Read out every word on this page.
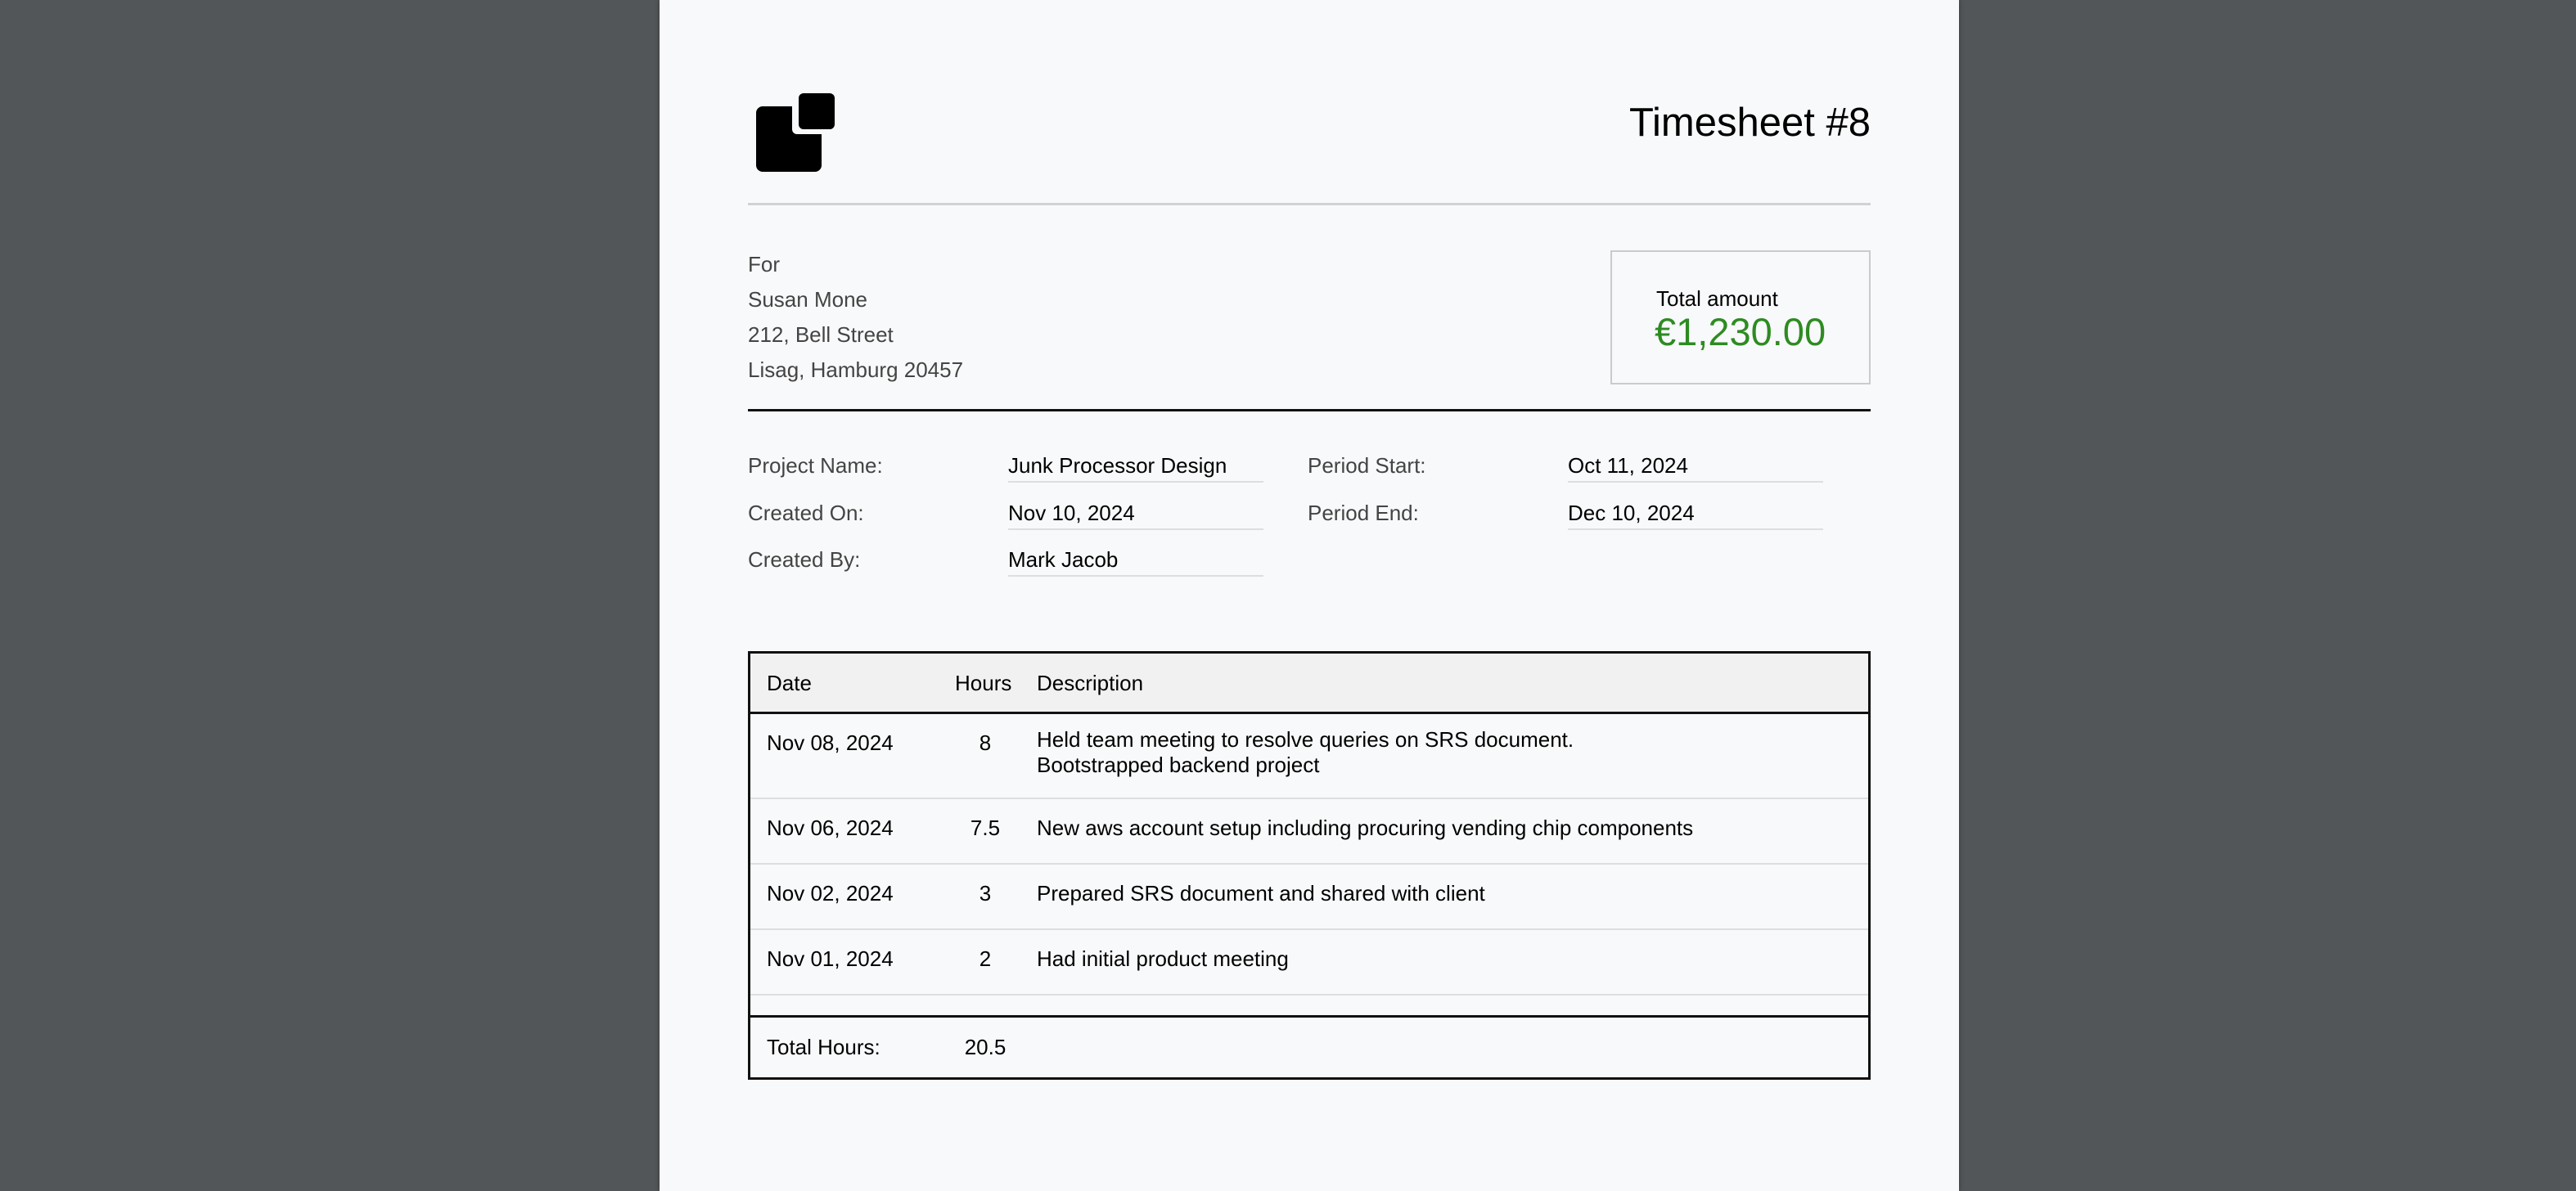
Timesheet #8
For
Susan Mone
212, Bell Street
Lisag, Hamburg 20457
Total amount
€1,230.00
Project Name:	Junk Processor Design	Period Start:	Oct 11, 2024
Created On:	Nov 10, 2024	Period End:	Dec 10, 2024
Created By:	Mark Jacob
Date	Hours Description
Nov 08, 2024	8	Held team meeting to resolve queries on SRS document.
Bootstrapped backend project
Nov 06, 2024	7.5	New aws account setup including procuring vending chip components
Nov 02, 2024	3	Prepared SRS document and shared with client
Nov 01, 2024	2	Had initial product meeting
Total Hours:	20.5
